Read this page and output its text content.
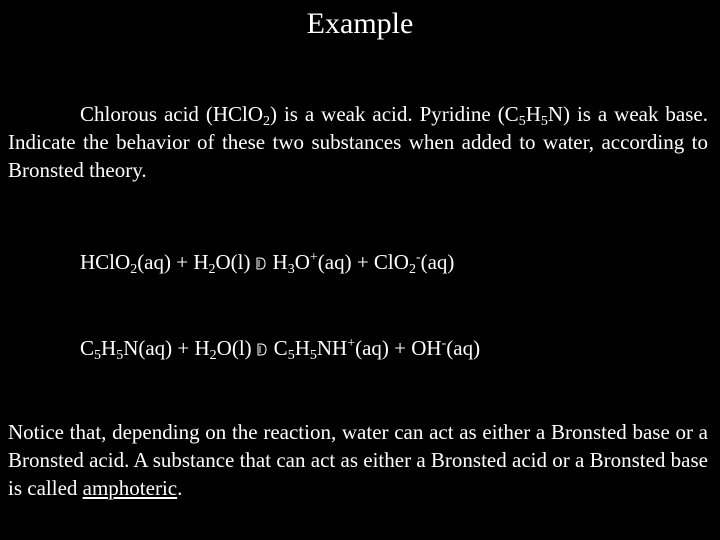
Example
Chlorous acid (HClO$_2$) is a weak acid. Pyridine $(C_5H_5N)$ is a weak base. Indicate the behavior of these two substances when added to water, according to Bronsted theory.
HClO$_2$(aq) + $H_2O(l) H_3O^+(aq) + ClO_2^-(aq)$
$C_5H_5N(aq) + H_2O(l) C_5H_5NH^+(aq) + OH^-(aq)$
Notice that, depending on the reaction, water can act as either a Bronsted base or a Bronsted acid. A substance that can act as either a Bronsted acid or a Bronsted base is called amphoteric.
